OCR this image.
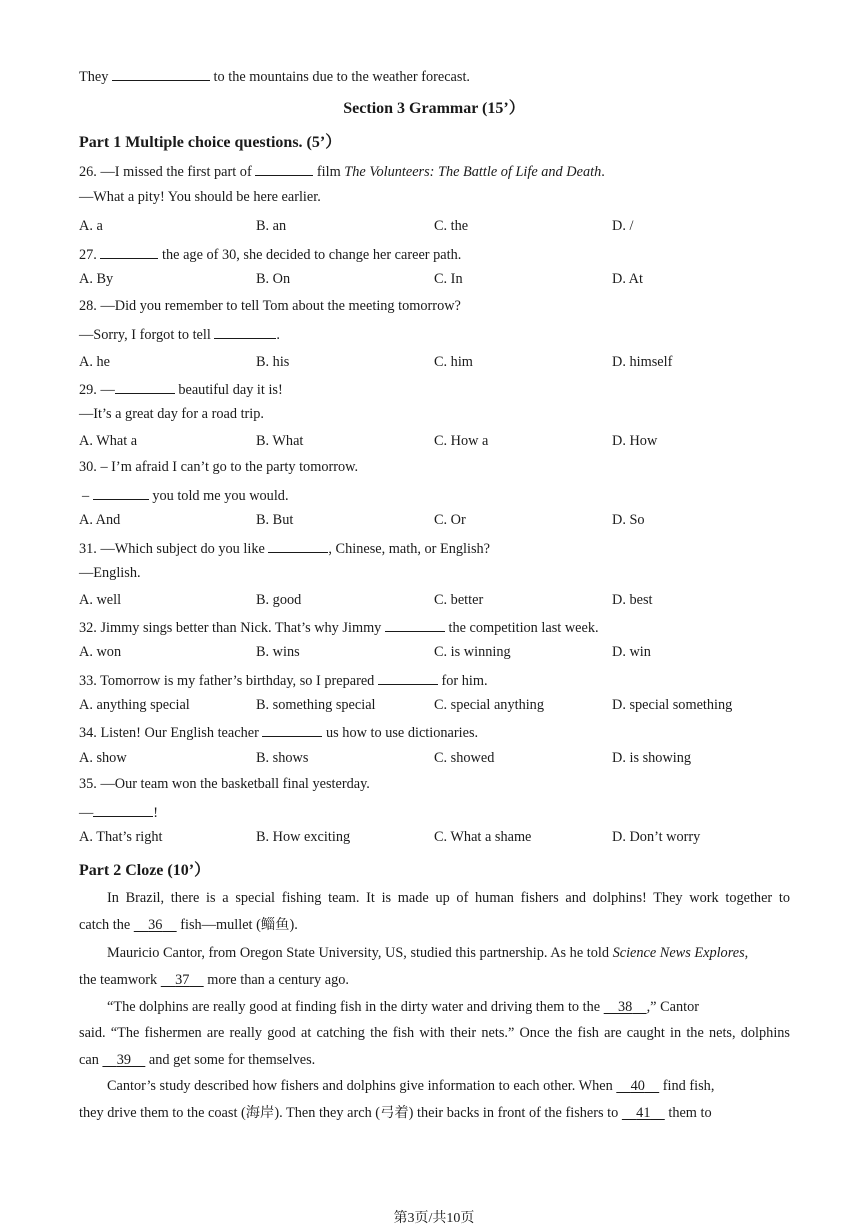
They	to the mountains due to the weather forecast.
Section 3 Grammar (15’）
Part 1 Multiple choice questions. (5’）
26. —I missed the first part of	film The Volunteers: The Battle of Life and Death.
—What a pity! You should be here earlier.
A. a	B. an	C. the	D. /
27.	the age of 30, she decided to change her career path.
A. By	B. On	C. In	D. At
28. —Did you remember to tell Tom about the meeting tomorrow?
—Sorry, I forgot to tell	.
A. he	B. his	C. him	D. himself
29. —	beautiful day it is!
—It’s a great day for a road trip.
A. What a	B. What	C. How a	D. How
30. – I’m afraid I can’t go to the party tomorrow.
–	you told me you would.
A. And	B. But	C. Or	D. So
31. —Which subject do you like	, Chinese, math, or English?
—English.
A. well	B. good	C. better	D. best
32. Jimmy sings better than Nick. That’s why Jimmy	the competition last week.
A. won	B. wins	C. is winning	D. win
33. Tomorrow is my father’s birthday, so I prepared	for him.
A. anything special	B. something special	C. special anything	D. special something
34. Listen! Our English teacher	us how to use dictionaries.
A. show	B. shows	C. showed	D. is showing
35. —Our team won the basketball final yesterday.
—	!
A. That’s right	B. How exciting	C. What a shame	D. Don’t worry
Part 2 Cloze (10’）
In Brazil, there is a special fishing team. It is made up of human fishers and dolphins! They work together to
catch the 36 fish—mullet (鲻鱼).
Mauricio Cantor, from Oregon State University, US, studied this partnership. As he told Science News Explores,
the teamwork 37 more than a century ago.
“The dolphins are really good at finding fish in the dirty water and driving them to the 38 ,” Cantor
said. “The fishermen are really good at catching the fish with their nets.” Once the fish are caught in the nets, dolphins
can 39 and get some for themselves.
Cantor’s study described how fishers and dolphins give information to each other. When 40 find fish,
they drive them to the coast (海岸). Then they arch (弓着) their backs in front of the fishers to 41 them to
第3页/共10页
